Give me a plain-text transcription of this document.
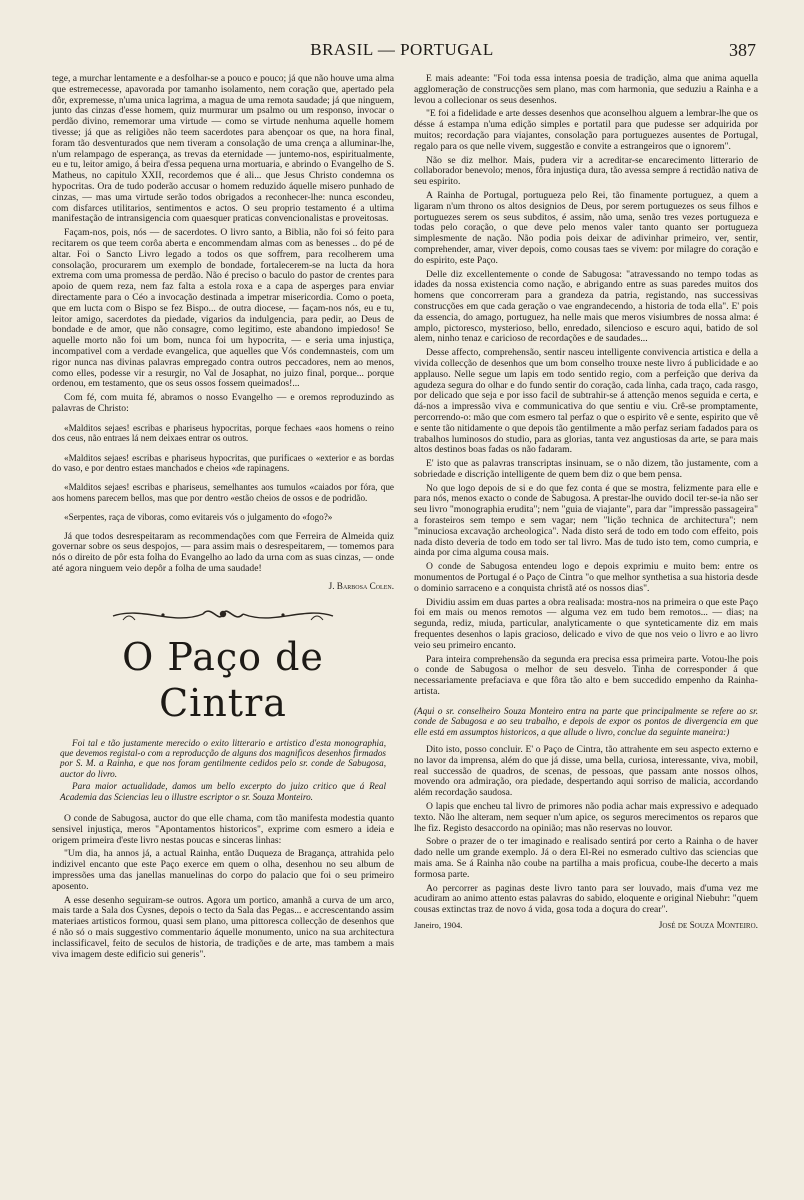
BRASIL — PORTUGAL	387

tege, a murchar lentamente e a desfolhar-se a pouco e pouco; já que não houve uma alma que estremecesse, apavorada por tamanho isolamento, nem coração que, apertado pela dôr, expremesse, n'uma unica lagrima, a magua de uma remota saudade; já que ninguem, junto das cinzas d'esse homem, quiz murmurar um psalmo ou um responso, invocar o perdão divino, rememorar uma virtude — como se virtude nenhuma aquelle homem tivesse; já que as religiões não teem sacerdotes para abençoar os que, na hora final, foram tão desventurados que nem tiveram a consolação de uma crença a alluminar-lhe, n'um relampago de esperança, as trevas da eternidade — juntemo-nos, espiritualmente, eu e tu, leitor amigo, á beira d'essa pequena urna mortuaria, e abrindo o Evangelho de S. Matheus, no capitulo XXII, recordemos que é ali... que Jesus Christo condemna os hypocritas. Ora de tudo poderão accusar o homem reduzido áquelle misero punhado de cinzas, — mas uma virtude serão todos obrigados a reconhecer-lhe: nunca escondeu, com disfarces utilitarios, sentimentos e actos. O seu proprio testamento é a ultima manifestação de intransigencia com quaesquer praticas convencionalistas e proveitosas.

Façam-nos, pois, nós — de sacerdotes. O livro santo, a Biblia, não foi só feito para recitarem os que teem corôa aberta e encommendam almas com as benesses .. do pé de altar. Foi o Sancto Livro legado a todos os que soffrem, para recolherem uma consolação, procurarem um exemplo de bondade, fortalecerem-se na lucta da hora extrema com uma promessa de perdão. Não é preciso o baculo do pastor de crentes para apoio de quem reza, nem faz falta a estola roxa e a capa de asperges para enviar directamente para o Céo a invocação destinada a impetrar misericordia. Como o poeta, que em lucta com o Bispo se fez Bispo... de outra diocese, — façam-nos nós, eu e tu, leitor amigo, sacerdotes da piedade, vigarios da indulgencia, para pedir, ao Deus de bondade e de amor, que não consagre, como legitimo, este abandono impiedoso! Se aquelle morto não foi um bom, nunca foi um hypocrita, — e seria uma injustiça, incompativel com a verdade evangelica, que aquelles que Vós condemnasteis, com um rigor nunca nas divinas palavras empregado contra outros peccadores, nem ao menos, como elles, podesse vir a resurgir, no Val de Josaphat, no juizo final, porque... porque ordenou, em testamento, que os seus ossos fossem queimados!...

Com fé, com muita fé, abramos o nosso Evangelho — e oremos reproduzindo as palavras de Christo:

«Malditos sejaes! escribas e phariseus hypocritas, porque fechaes «aos homens o reino dos ceus, não entraes lá nem deixaes entrar os outros.

«Malditos sejaes! escribas e phariseus hypocritas, que purificaes o «exterior e as bordas do vaso, e por dentro estaes manchados e cheios «de rapinagens.

«Malditos sejaes! escribas e phariseus, semelhantes aos tumulos «caiados por fóra, que aos homens parecem bellos, mas que por dentro «estão cheios de ossos e de podridão.

«Serpentes, raça de viboras, como evitareis vós o julgamento do «fogo?»

Já que todos desrespeitaram as recommendações com que Ferreira de Almeida quiz governar sobre os seus despojos, — para assim mais o desrespeitarem, — tomemos para nós o direito de pôr esta folha do Evangelho ao lado da urna com as suas cinzas, — onde até agora ninguem veio depôr a folha de uma saudade!

J. Barbosa Colen.
O Paço de Cintra

Foi tal e tão justamente merecido o exito litterario e artistico d'esta monographia, que devemos registal-o com a reproducção de alguns dos magnificos desenhos firmados por S. M. a Rainha, e que nos foram gentilmente cedidos pelo sr. conde de Sabugosa, auctor do livro.

Para maior actualidade, damos um bello excerpto do juizo critico que á Real Academia das Sciencias leu o illustre escriptor o sr. Souza Monteiro.

O conde de Sabugosa, auctor do que elle chama, com tão manifesta modestia quanto sensivel injustiça, meros "Apontamentos historicos", exprime com esmero a ideia e origem primeira d'este livro nestas poucas e sinceras linhas:

"Um dia, ha annos já, a actual Rainha, então Duqueza de Bragança, attrahida pelo indizivel encanto que este Paço exerce em quem o olha, desenhou no seu album de impressões uma das janellas manuelinas do corpo do palacio que foi o seu primeiro aposento.

A esse desenho seguiram-se outros. Agora um portico, amanhã a curva de um arco, mais tarde a Sala dos Cysnes, depois o tecto da Sala das Pegas... e accrescentando assim materiaes artisticos formou, quasi sem plano, uma pittoresca collecção de desenhos que é não só o mais suggestivo commentario áquelle monumento, unico na sua architectura inclassificavel, feito de seculos de historia, de tradições e de arte, mas tambem a mais viva imagem deste edificio sui generis".

E mais adeante: "Foi toda essa intensa poesia de tradição, alma que anima aquella agglomeração de construcções sem plano, mas com harmonia, que seduziu a Rainha e a levou a collecionar os seus desenhos.

"E foi a fidelidade e arte desses desenhos que aconselhou alguem a lembrar-lhe que os désse á estampa n'uma edição simples e portatil para que pudesse ser adquirida por muitos; recordação para viajantes, consolação para portuguezes ausentes de Portugal, regalo para os que nelle vivem, suggestão e convite a estrangeiros que o ignorem".

Não se diz melhor. Mais, pudera vir a acreditar-se encarecimento litterario de collaborador benevolo; menos, fôra injustiça dura, tão avessa sempre á rectidão nativa de seu espirito.

A Rainha de Portugal, portugueza pelo Rei, tão finamente portuguez, a quem a ligaram n'um throno os altos designios de Deus, por serem portuguezes os seus filhos e portuguezes serem os seus subditos, é assim, não uma, senão tres vezes portugueza e todas pelo coração, o que deve pelo menos valer tanto quanto ser portugueza simplesmente de nação. Não podia pois deixar de adivinhar primeiro, ver, sentir, comprehender, amar, viver depois, como cousas taes se vivem: por milagre do coração e do espirito, este Paço.

Delle diz excellentemente o conde de Sabugosa: "atravessando no tempo todas as idades da nossa existencia como nação, e abrigando entre as suas paredes muitos dos homens que concorreram para a grandeza da patria, registando, nas successivas construcções em que cada geração o vae engrandecendo, a historia de toda ella". E' pois da essencia, do amago, portuguez, ha nelle mais que meros visiumbres de nossa alma: é amplo, pictoresco, mysterioso, bello, enredado, silencioso e escuro aqui, batido de sol alem, ninho tenaz e caricioso de recordações e de saudades...

Desse affecto, comprehensão, sentir nasceu intelligente convivencia artistica e della a vivida collecção de desenhos que um bom conselho trouxe neste livro á publicidade e ao applauso. Nelle segue um lapis em todo sentido regio, com a perfeição que deriva da agudeza segura do olhar e do fundo sentir do coração, cada linha, cada traço, cada rasgo, por delicado que seja e por isso facil de subtrahir-se á attenção menos seguida e certa, e dá-nos a impressão viva e communicativa do que sentiu e viu. Crê-se promptamente, percorrendo-o: mão que com esmero tal perfaz o que o espirito vê e sente, espirito que vê e sente tão nitidamente o que depois tão gentilmente a mão perfaz seriam fadados para os trabalhos luminosos do studio, para as glorias, tanta vez angustiosas da arte, se para mais altos destinos boas fadas os não fadaram.

E' isto que as palavras transcriptas insinuam, se o não dizem, tão justamente, com a sobriedade e discrição intelligente de quem bem diz o que bem pensa.

No que logo depois de si e do que fez conta é que se mostra, felizmente para elle e para nós, menos exacto o conde de Sabugosa. A prestar-lhe ouvido docil ter-se-ia não ser seu livro "monographia erudita"; nem "guia de viajante", para dar "impressão passageira" a forasteiros sem tempo e sem vagar; nem "lição technica de architectura"; nem "minuciosa excavação archeologica". Nada disto será de todo em todo com effeito, pois nada disto deveria de todo em todo ser tal livro. Mas de tudo isto tem, como cumpria, e ainda por cima alguma cousa mais.

O conde de Sabugosa entendeu logo e depois exprimiu e muito bem: entre os monumentos de Portugal é o Paço de Cintra "o que melhor synthetisa a sua historia desde o dominio sarraceno e a conquista christã até os nossos dias".

Dividiu assim em duas partes a obra realisada: mostra-nos na primeira o que este Paço foi em mais ou menos remotos — alguma vez em tudo bem remotos... — dias; na segunda, rediz, miuda, particular, analyticamente o que synteticamente diz em mais frequentes desenhos o lapis gracioso, delicado e vivo de que nos veio o livro e ao livro veio seu primeiro encanto.

Para inteira comprehensão da segunda era precisa essa primeira parte. Votou-lhe pois o conde de Sabugosa o melhor de seu desvelo. Tinha de corresponder á que necessariamente prefaciava e que fôra tão alto e bem succedido empenho da Rainha-artista.

(Aqui o sr. conselheiro Souza Monteiro entra na parte que principalmente se refere ao sr. conde de Sabugosa e ao seu trabalho, e depois de expor os pontos de divergencia em que elle está em assumptos historicos, a que allude o livro, conclue da seguinte maneira:)

Dito isto, posso concluir. E' o Paço de Cintra, tão attrahente em seu aspecto externo e no lavor da imprensa, além do que já disse, uma bella, curiosa, interessante, viva, mobil, real successão de quadros, de scenas, de pessoas, que passam ante nossos olhos, movendo ora admiração, ora piedade, despertando aqui sorriso de malicia, accordando além recordação saudosa.

O lapis que encheu tal livro de primores não podia achar mais expressivo e adequado texto. Não lhe alteram, nem sequer n'um apice, os seguros merecimentos os reparos que lhe fiz. Registo desaccordo na opinião; mas não reservas no louvor.

Sobre o prazer de o ter imaginado e realisado sentirá por certo a Rainha o de haver dado nelle um grande exemplo. Já o dera El-Rei no esmerado cultivo das sciencias que mais ama. Se á Rainha não coube na partilha a mais proficua, coube-lhe decerto a mais formosa parte.

Ao percorrer as paginas deste livro tanto para ser louvado, mais d'uma vez me acudiram ao animo attento estas palavras do sabido, eloquente e original Niebuhr: "quem cousas extinctas traz de novo á vida, gosa toda a doçura do crear".

Janeiro, 1904.	José de Souza Monteiro.
